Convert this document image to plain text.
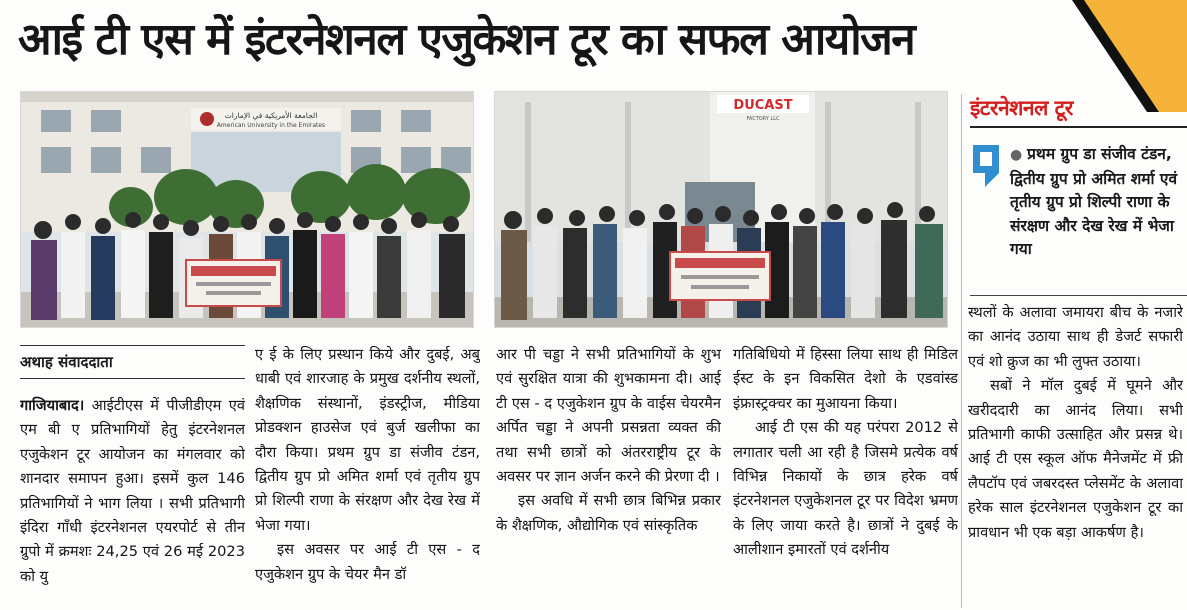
आई टी एस में इंटरनेशनल एजुकेशन टूर का सफल आयोजन
الجامعة الأمريكية في الإمارات
American University in the Emirates
DUCAST
FACTORY LLC	इंटरनेशनल टूर
● प्रथम ग्रुप डा संजीव टंडन, द्वितीय ग्रुप प्रो अमित शर्मा एवं तृतीय ग्रुप प्रो शिल्पी राणा के संरक्षण और देख रेख में भेजा गया
अथाह संवाददाता

गाजियाबाद। आईटीएस में पीजीडीएम एवं एम बी ए प्रतिभागियों हेतु इंटरनेशनल एजुकेशन टूर आयोजन का मंगलवार को शानदार समापन हुआ। इसमें कुल 146 प्रतिभागियों ने भाग लिया । सभी प्रतिभागी इंदिरा गाँधी इंटरनेशनल एयरपोर्ट से तीन ग्रुपो में क्रमशः 24,25 एवं 26 मई 2023 को यु

ए ई के लिए प्रस्थान किये और दुबई, अबु धाबी एवं शारजाह के प्रमुख दर्शनीय स्थलों, शैक्षणिक संस्थानों, इंडस्ट्रीज, मीडिया प्रोडक्शन हाउसेज एवं बुर्ज खलीफा का दौरा किया। प्रथम ग्रुप डा संजीव टंडन, द्वितीय ग्रुप प्रो अमित शर्मा एवं तृतीय ग्रुप प्रो शिल्पी राणा के संरक्षण और देख रेख में भेजा गया।

इस अवसर पर आई टी एस - द एजुकेशन ग्रुप के चेयर मैन डॉ

आर पी चड्डा ने सभी प्रतिभागियों के शुभ एवं सुरक्षित यात्रा की शुभकामना दी। आई टी एस - द एजुकेशन ग्रुप के वाईस चेयरमैन अर्पित चड्डा ने अपनी प्रसन्नता व्यक्त की तथा सभी छात्रों को अंतरराष्ट्रीय टूर के अवसर पर ज्ञान अर्जन करने की प्रेरणा दी ।

इस अवधि में सभी छात्र बिभिन्न प्रकार के शैक्षणिक, औद्योगिक एवं सांस्कृतिक

गतिबिधियो में हिस्सा लिया साथ ही मिडिल ईस्ट के इन विकसित देशो के एडवांस्ड इंफ्रास्ट्रक्चर का मुआयना किया।

आई टी एस की यह परंपरा 2012 से लगातार चली आ रही है जिसमे प्रत्येक वर्ष विभिन्न निकायों के छात्र हरेक वर्ष इंटरनेशनल एजुकेशनल टूर पर विदेश भ्रमण के लिए जाया करते है। छात्रों ने दुबई के आलीशान इमारतों एवं दर्शनीय

स्थलों के अलावा जमायरा बीच के नजारे का आनंद उठाया साथ ही डेजर्ट सफारी एवं शो क्रुज का भी लुफ्त उठाया।

सबों ने मॉल दुबई में घूमने और खरीददारी का आनंद लिया। सभी प्रतिभागी काफी उत्साहित और प्रसन्न थे। आई टी एस स्कूल ऑफ मैनेजमेंट में फ्री लैपटॉप एवं जबरदस्त प्लेसमेंट के अलावा हरेक साल इंटरनेशनल एजुकेशन टूर का प्रावधान भी एक बड़ा आकर्षण है।
